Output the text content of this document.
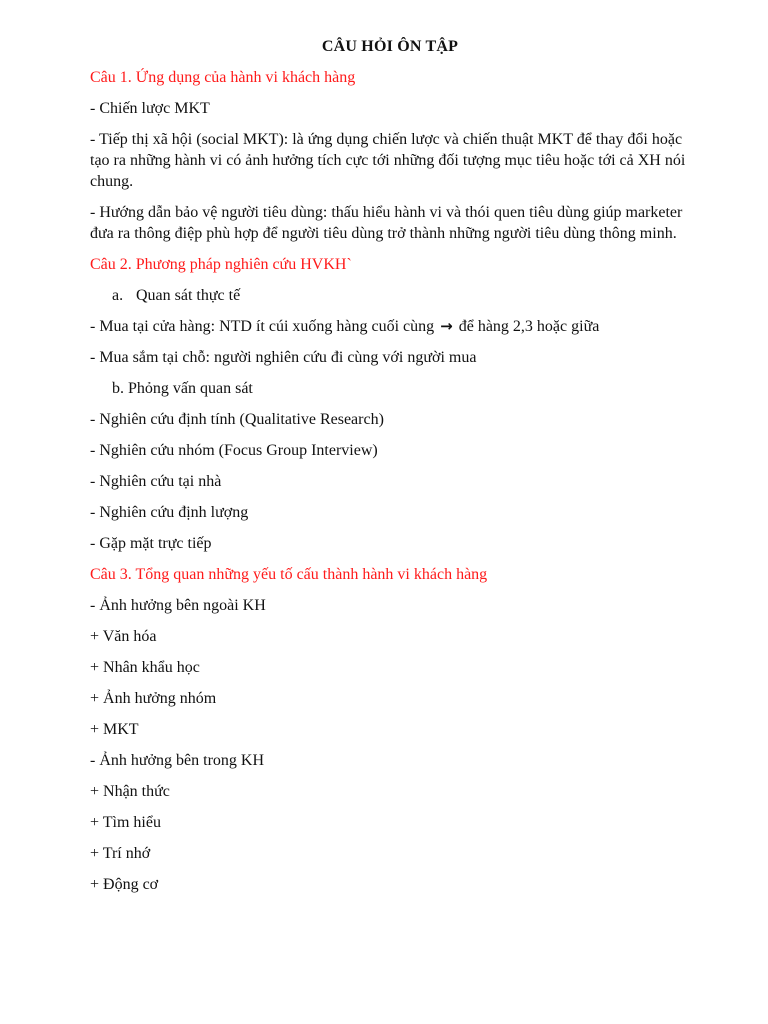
CÂU HỎI ÔN TẬP
Câu 1. Ứng dụng của hành vi khách hàng
- Chiến lược MKT
- Tiếp thị xã hội (social MKT): là ứng dụng chiến lược và chiến thuật MKT để thay đổi hoặc tạo ra những hành vi có ảnh hưởng tích cực tới những đối tượng mục tiêu hoặc tới cả XH nói chung.
- Hướng dẫn bảo vệ người tiêu dùng: thấu hiểu hành vi và thói quen tiêu dùng giúp marketer đưa ra thông điệp phù hợp để người tiêu dùng trở thành những người tiêu dùng thông minh.
Câu 2. Phương pháp nghiên cứu HVKH`
a. Quan sát thực tế
- Mua tại cửa hàng: NTD ít cúi xuống hàng cuối cùng → để hàng 2,3 hoặc giữa
- Mua sắm tại chỗ: người nghiên cứu đi cùng với người mua
b. Phỏng vấn quan sát
- Nghiên cứu định tính (Qualitative Research)
- Nghiên cứu nhóm (Focus Group Interview)
- Nghiên cứu tại nhà
- Nghiên cứu định lượng
- Gặp mặt trực tiếp
Câu 3. Tổng quan những yếu tố cấu thành hành vi khách hàng
- Ảnh hưởng bên ngoài KH
+ Văn hóa
+ Nhân khẩu học
+ Ảnh hưởng nhóm
+ MKT
- Ảnh hưởng bên trong KH
+ Nhận thức
+ Tìm hiểu
+ Trí nhớ
+ Động cơ
